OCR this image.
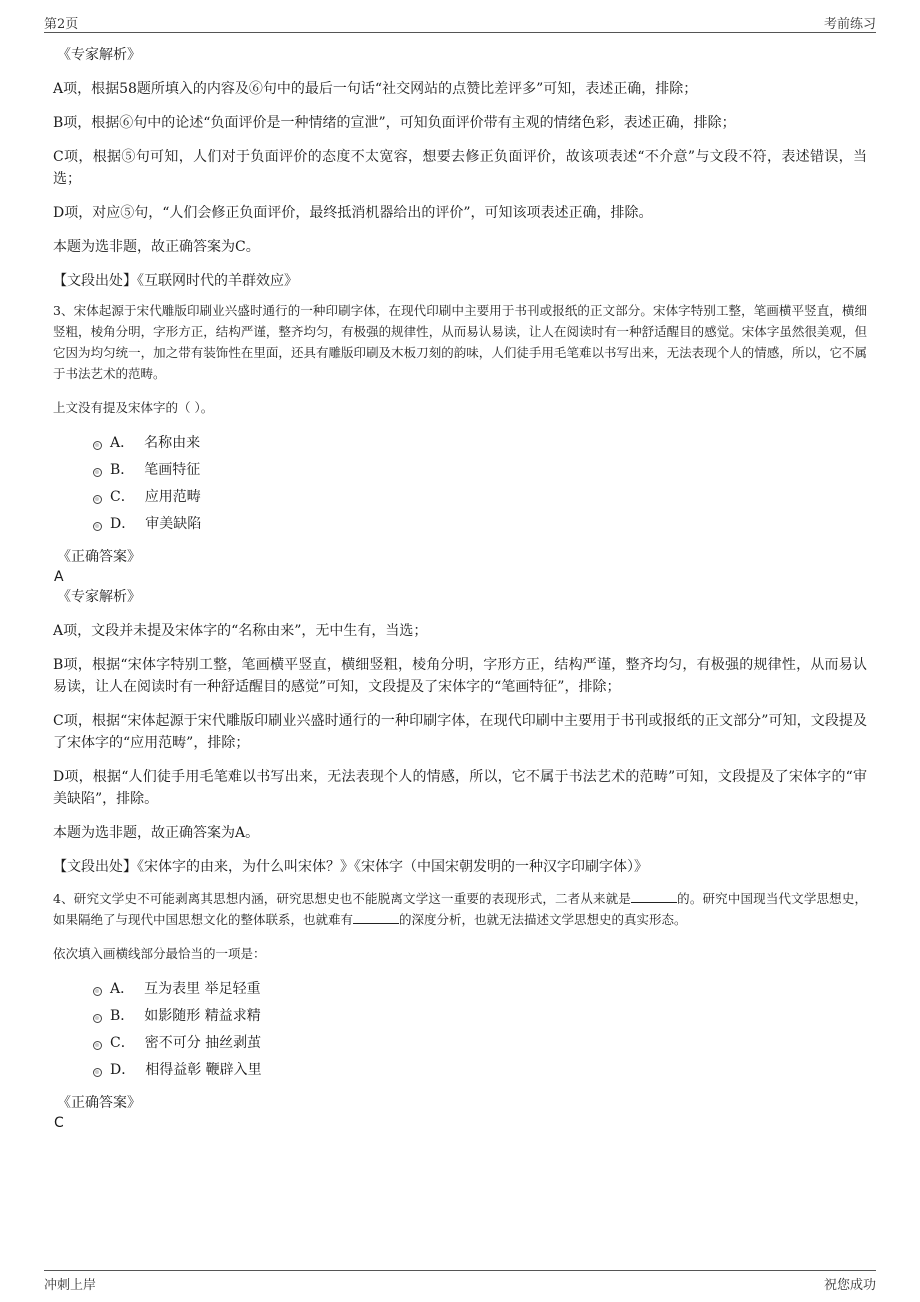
第2页	考前练习
《专家解析》
A项，根据58题所填入的内容及⑥句中的最后一句话“社交网站的点赞比差评多”可知，表述正确，排除；
B项，根据⑥句中的论述“负面评价是一种情绪的宣泄”，可知负面评价带有主观的情绪色彩，表述正确，排除；
C项，根据⑤句可知，人们对于负面评价的态度不太宽容，想要去修正负面评价，故该项表述“不介意”与文段不符，表述错误，当选；
D项，对应⑤句，“人们会修正负面评价，最终抵消机器给出的评价”，可知该项表述正确，排除。
本题为选非题，故正确答案为C。
【文段出处】《互联网时代的羊群效应》
3、宋体起源于宋代雕版印刷业兴盛时通行的一种印刷字体，在现代印刷中主要用于书刊或报纸的正文部分。宋体字特别工整，笔画横平竖直，横细竖粗，棱角分明，字形方正，结构严谨，整齐均匀，有极强的规律性，从而易认易读，让人在阅读时有一种舒适醒目的感觉。宋体字虽然很美观，但它因为均匀统一，加之带有装饰性在里面，还具有雕版印刷及木板刀刻的韵味，人们徒手用毛笔难以书写出来，无法表现个人的情感，所以，它不属于书法艺术的范畴。
上文没有提及宋体字的（ ）。
A． 名称由来
B． 笔画特征
C． 应用范畴
D． 审美缺陷
《正确答案》
A
《专家解析》
A项，文段并未提及宋体字的“名称由来”，无中生有，当选；
B项，根据“宋体字特别工整，笔画横平竖直，横细竖粗，棱角分明，字形方正，结构严谨，整齐均匀，有极强的规律性，从而易认易读，让人在阅读时有一种舒适醒目的感觉”可知，文段提及了宋体字的“笔画特征”，排除；
C项，根据“宋体起源于宋代雕版印刷业兴盛时通行的一种印刷字体，在现代印刷中主要用于书刊或报纸的正文部分”可知，文段提及了宋体字的“应用范畴”，排除；
D项，根据“人们徒手用毛笔难以书写出来，无法表现个人的情感，所以，它不属于书法艺术的范畴”可知，文段提及了宋体字的“审美缺陷”，排除。
本题为选非题，故正确答案为A。
【文段出处】《宋体字的由来，为什么叫宋体？》《宋体字（中国宋朝发明的一种汉字印刷字体）》
4、研究文学史不可能剥离其思想内涵，研究思想史也不能脱离文学这一重要的表现形式，二者从来就是	的。研究中国现当代文学思想史，如果隔绝了与现代中国思想文化的整体联系，也就难有	的深度分析，也就无法描述文学思想史的真实形态。
依次填入画横线部分最恰当的一项是：
A． 互为表里 举足轻重
B． 如影随形 精益求精
C． 密不可分 抽丝剥茧
D． 相得益彰 鞭辟入里
《正确答案》
C
冲刺上岸	祝您成功
